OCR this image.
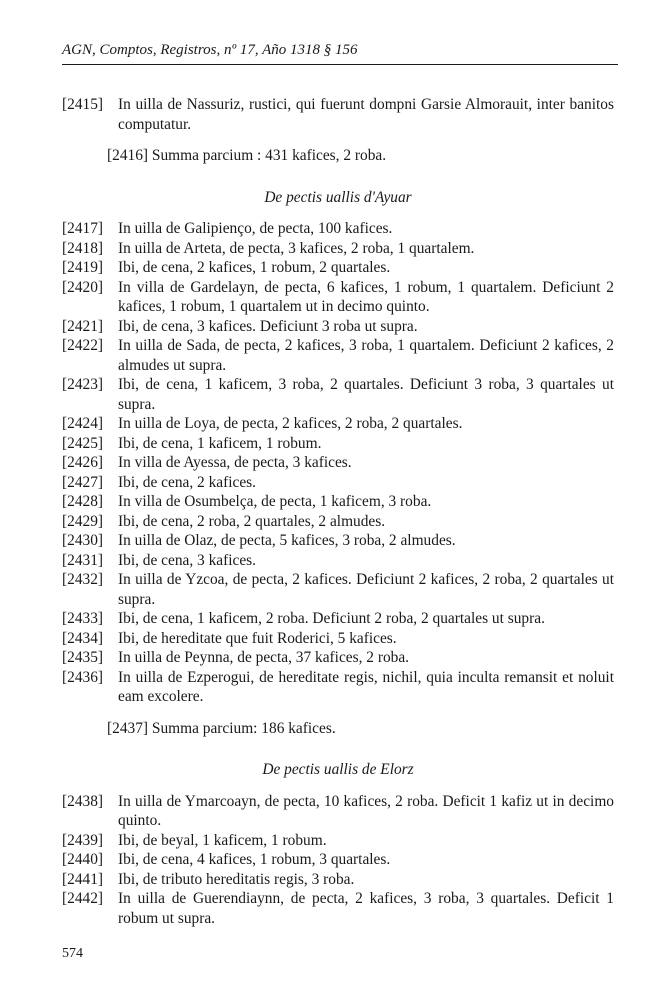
AGN, Comptos, Registros, nº 17, Año 1318 § 156
[2415] In uilla de Nassuriz, rustici, qui fuerunt dompni Garsie Almorauit, inter banitos computatur.
[2416] Summa parcium : 431 kafices, 2 roba.
De pectis uallis d'Ayuar
[2417] In uilla de Galipienço, de pecta, 100 kafices.
[2418] In uilla de Arteta, de pecta, 3 kafices, 2 roba, 1 quartalem.
[2419] Ibi, de cena, 2 kafices, 1 robum, 2 quartales.
[2420] In villa de Gardelayn, de pecta, 6 kafices, 1 robum, 1 quartalem. Deficiunt 2 kafices, 1 robum, 1 quartalem ut in decimo quinto.
[2421] Ibi, de cena, 3 kafices. Deficiunt 3 roba ut supra.
[2422] In uilla de Sada, de pecta, 2 kafices, 3 roba, 1 quartalem. Deficiunt 2 kafices, 2 almudes ut supra.
[2423] Ibi, de cena, 1 kaficem, 3 roba, 2 quartales. Deficiunt 3 roba, 3 quartales ut supra.
[2424] In uilla de Loya, de pecta, 2 kafices, 2 roba, 2 quartales.
[2425] Ibi, de cena, 1 kaficem, 1 robum.
[2426] In villa de Ayessa, de pecta, 3 kafices.
[2427] Ibi, de cena, 2 kafices.
[2428] In villa de Osumbelça, de pecta, 1 kaficem, 3 roba.
[2429] Ibi, de cena, 2 roba, 2 quartales, 2 almudes.
[2430] In uilla de Olaz, de pecta, 5 kafices, 3 roba, 2 almudes.
[2431] Ibi, de cena, 3 kafices.
[2432] In uilla de Yzcoa, de pecta, 2 kafices. Deficiunt 2 kafices, 2 roba, 2 quartales ut supra.
[2433] Ibi, de cena, 1 kaficem, 2 roba. Deficiunt 2 roba, 2 quartales ut supra.
[2434] Ibi, de hereditate que fuit Roderici, 5 kafices.
[2435] In uilla de Peynna, de pecta, 37 kafices, 2 roba.
[2436] In uilla de Ezperogui, de hereditate regis, nichil, quia inculta remansit et noluit eam excolere.
[2437] Summa parcium: 186 kafices.
De pectis uallis de Elorz
[2438] In uilla de Ymarcoayn, de pecta, 10 kafices, 2 roba. Deficit 1 kafiz ut in decimo quinto.
[2439] Ibi, de beyal, 1 kaficem, 1 robum.
[2440] Ibi, de cena, 4 kafices, 1 robum, 3 quartales.
[2441] Ibi, de tributo hereditatis regis, 3 roba.
[2442] In uilla de Guerendiaynn, de pecta, 2 kafices, 3 roba, 3 quartales. Deficit 1 robum ut supra.
574
